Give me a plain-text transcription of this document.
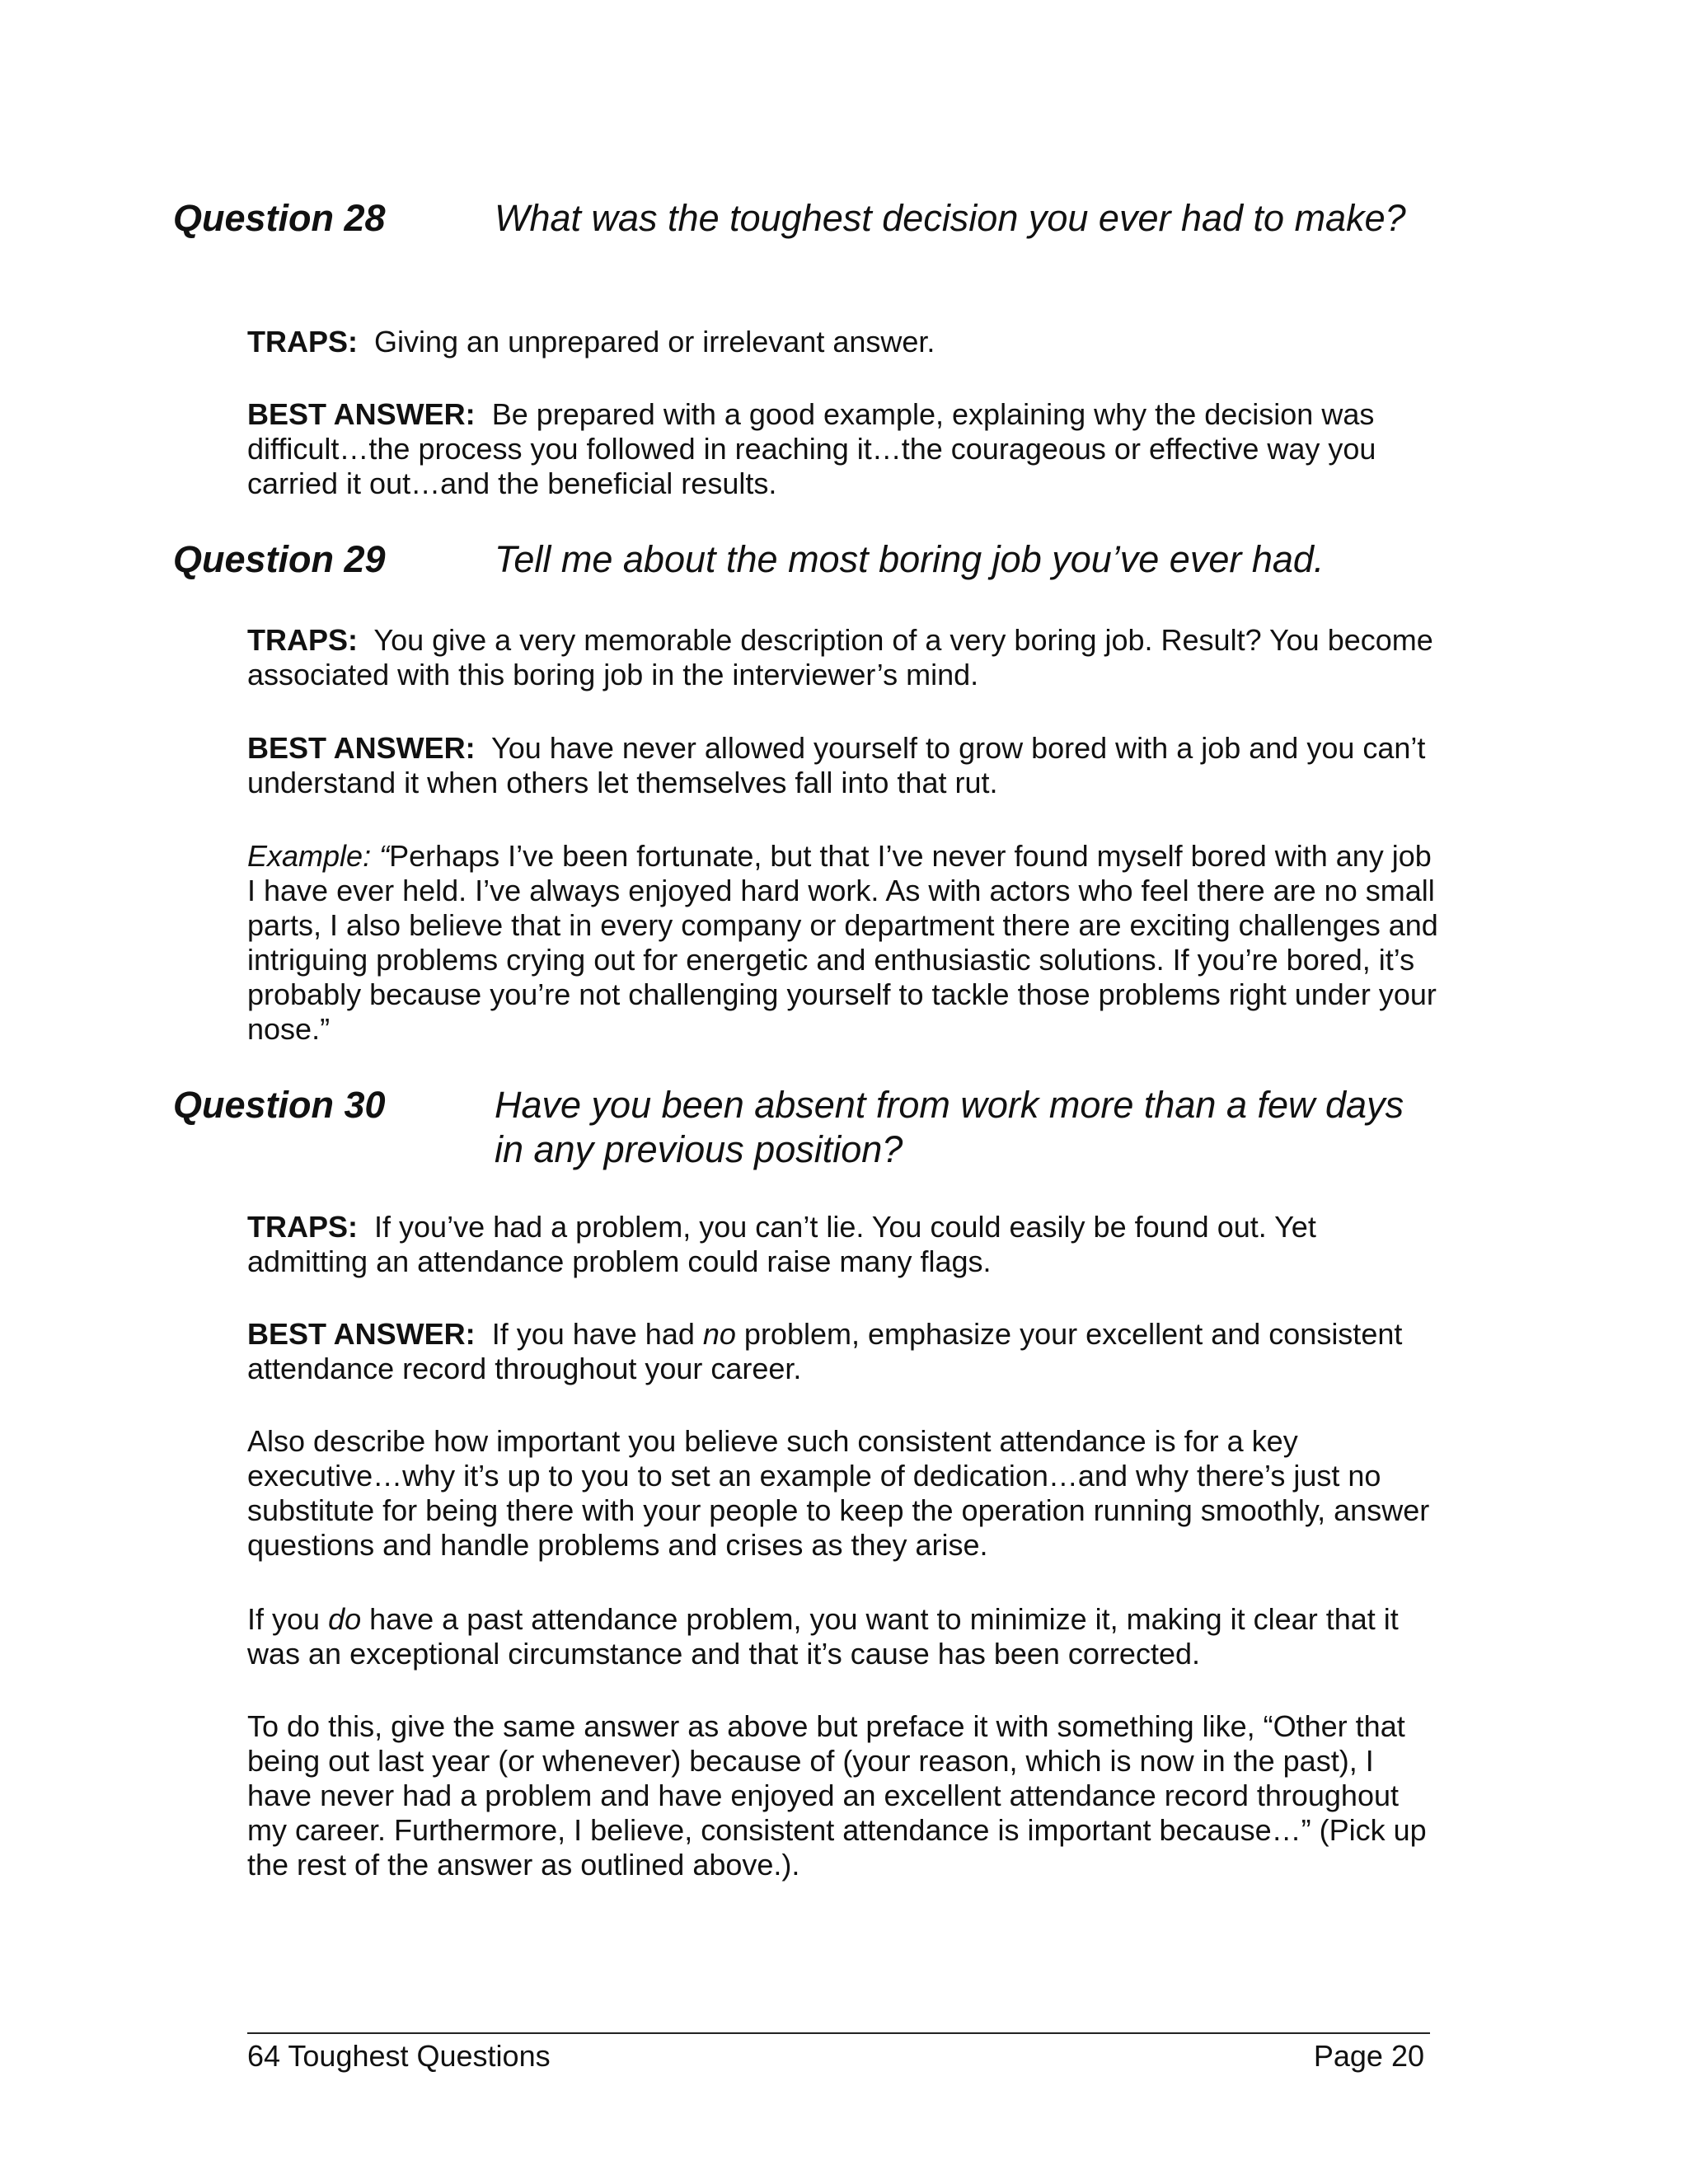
Question 28	What was the toughest decision you ever had to make?

TRAPS: Giving an unprepared or irrelevant answer.

BEST ANSWER: Be prepared with a good example, explaining why the decision was difficult…the process you followed in reaching it…the courageous or effective way you carried it out…and the beneficial results.

Question 29	Tell me about the most boring job you’ve ever had.

TRAPS: You give a very memorable description of a very boring job. Result? You become associated with this boring job in the interviewer’s mind.

BEST ANSWER: You have never allowed yourself to grow bored with a job and you can’t understand it when others let themselves fall into that rut.

Example: “Perhaps I’ve been fortunate, but that I’ve never found myself bored with any job I have ever held. I’ve always enjoyed hard work. As with actors who feel there are no small parts, I also believe that in every company or department there are exciting challenges and intriguing problems crying out for energetic and enthusiastic solutions. If you’re bored, it’s probably because you’re not challenging yourself to tackle those problems right under your nose.”

Question 30	Have you been absent from work more than a few days in any previous position?

TRAPS: If you’ve had a problem, you can’t lie. You could easily be found out. Yet admitting an attendance problem could raise many flags.

BEST ANSWER: If you have had no problem, emphasize your excellent and consistent attendance record throughout your career.

Also describe how important you believe such consistent attendance is for a key executive…why it’s up to you to set an example of dedication…and why there’s just no substitute for being there with your people to keep the operation running smoothly, answer questions and handle problems and crises as they arise.

If you do have a past attendance problem, you want to minimize it, making it clear that it was an exceptional circumstance and that it’s cause has been corrected.

To do this, give the same answer as above but preface it with something like, “Other that being out last year (or whenever) because of (your reason, which is now in the past), I have never had a problem and have enjoyed an excellent attendance record throughout my career. Furthermore, I believe, consistent attendance is important because…” (Pick up the rest of the answer as outlined above.).

64 Toughest Questions	Page 20
